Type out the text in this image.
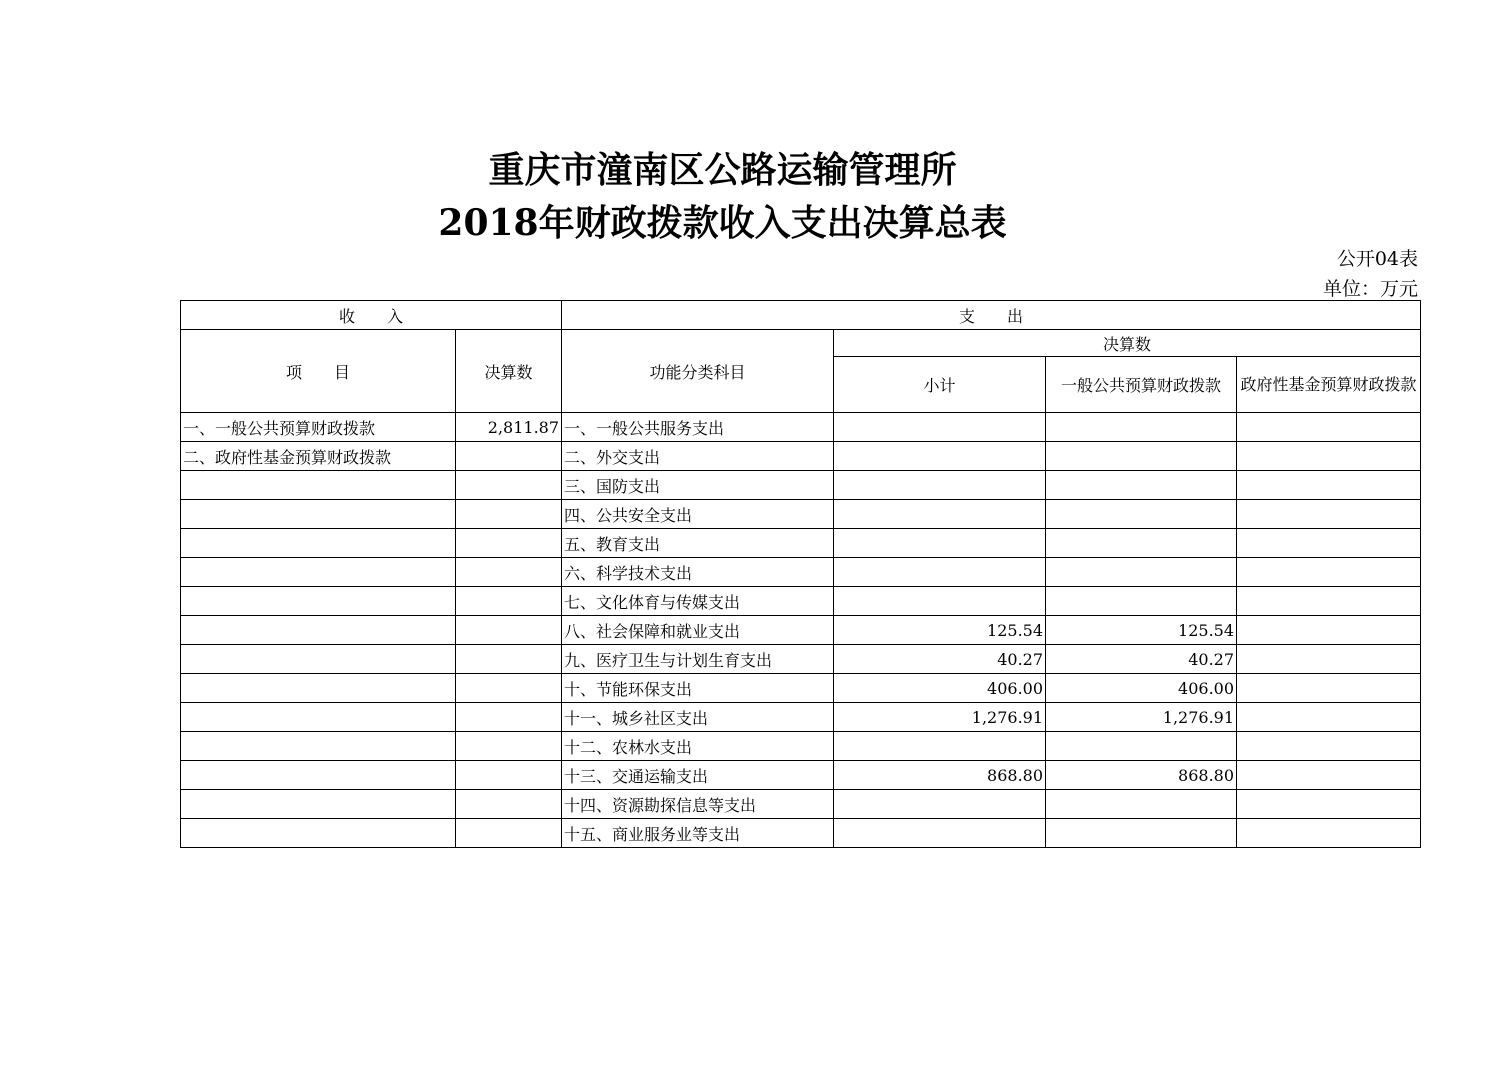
重庆市潼南区公路运输管理所
2018年财政拨款收入支出决算总表
公开04表
单位：万元
收　　入		支　　出			
项　　目	决算数	功能分类科目	决算数		
			小计	一般公共预算财政拨款	政府性基金预算财政拨款
一、一般公共预算财政拨款	2,811.87	一、一般公共服务支出			
二、政府性基金预算财政拨款		二、外交支出			
		三、国防支出			
		四、公共安全支出			
		五、教育支出			
		六、科学技术支出			
		七、文化体育与传媒支出			
		八、社会保障和就业支出	125.54	125.54	
		九、医疗卫生与计划生育支出	40.27	40.27	
		十、节能环保支出	406.00	406.00	
		十一、城乡社区支出	1,276.91	1,276.91	
		十二、农林水支出			
		十三、交通运输支出	868.80	868.80	
		十四、资源勘探信息等支出			
		十五、商业服务业等支出			
